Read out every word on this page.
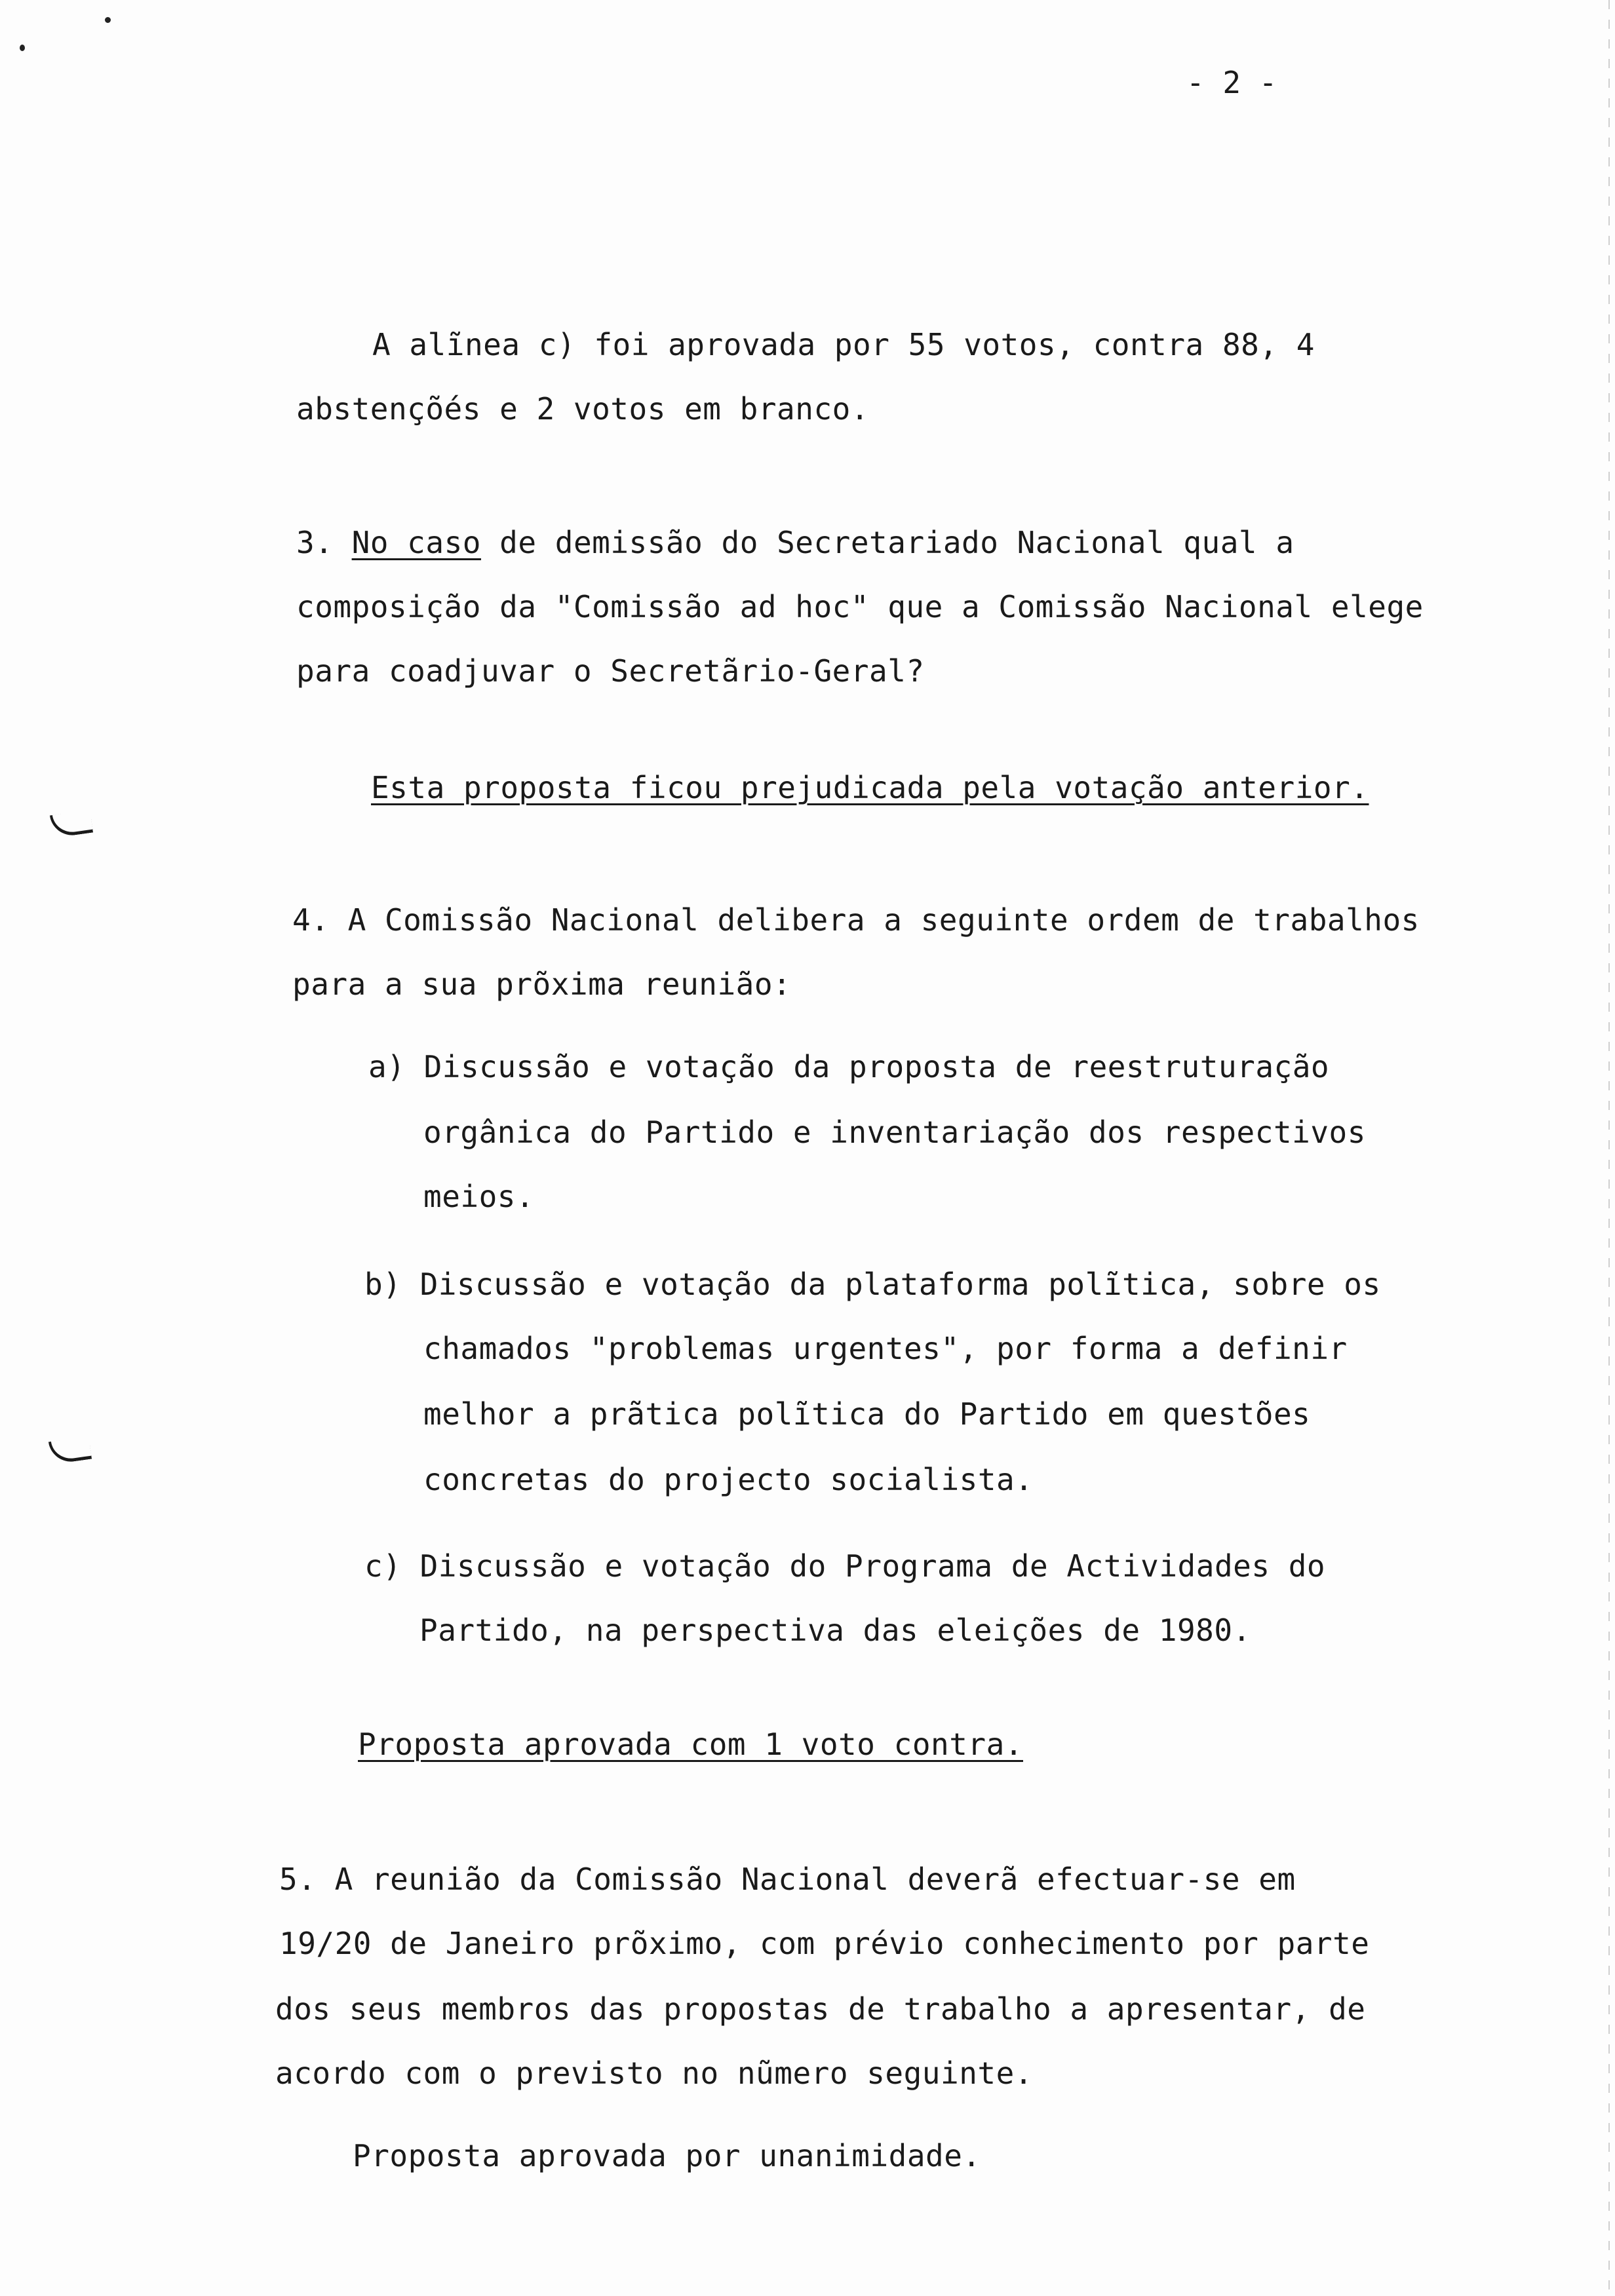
- 2 -
A alĩnea c) foi aprovada por 55 votos, contra 88, 4
abstençõés e 2 votos em branco.
3. No caso de demissão do Secretariado Nacional qual a
composição da "Comissão ad hoc" que a Comissão Nacional elege
para coadjuvar o Secretãrio-Geral?
Esta proposta ficou prejudicada pela votação anterior.
4. A Comissão Nacional delibera a seguinte ordem de trabalhos
para a sua prõxima reunião:
a) Discussão e votação da proposta de reestruturação
orgânica do Partido e inventariação dos respectivos
meios.
b) Discussão e votação da plataforma polĩtica, sobre os
chamados "problemas urgentes", por forma a definir
melhor a prãtica polĩtica do Partido em questões
concretas do projecto socialista.
c) Discussão e votação do Programa de Actividades do
Partido, na perspectiva das eleições de 1980.
Proposta aprovada com 1 voto contra.
5. A reunião da Comissão Nacional deverã efectuar-se em
19/20 de Janeiro prõximo, com prévio conhecimento por parte
dos seus membros das propostas de trabalho a apresentar, de
acordo com o previsto no nũmero seguinte.
Proposta aprovada por unanimidade.
